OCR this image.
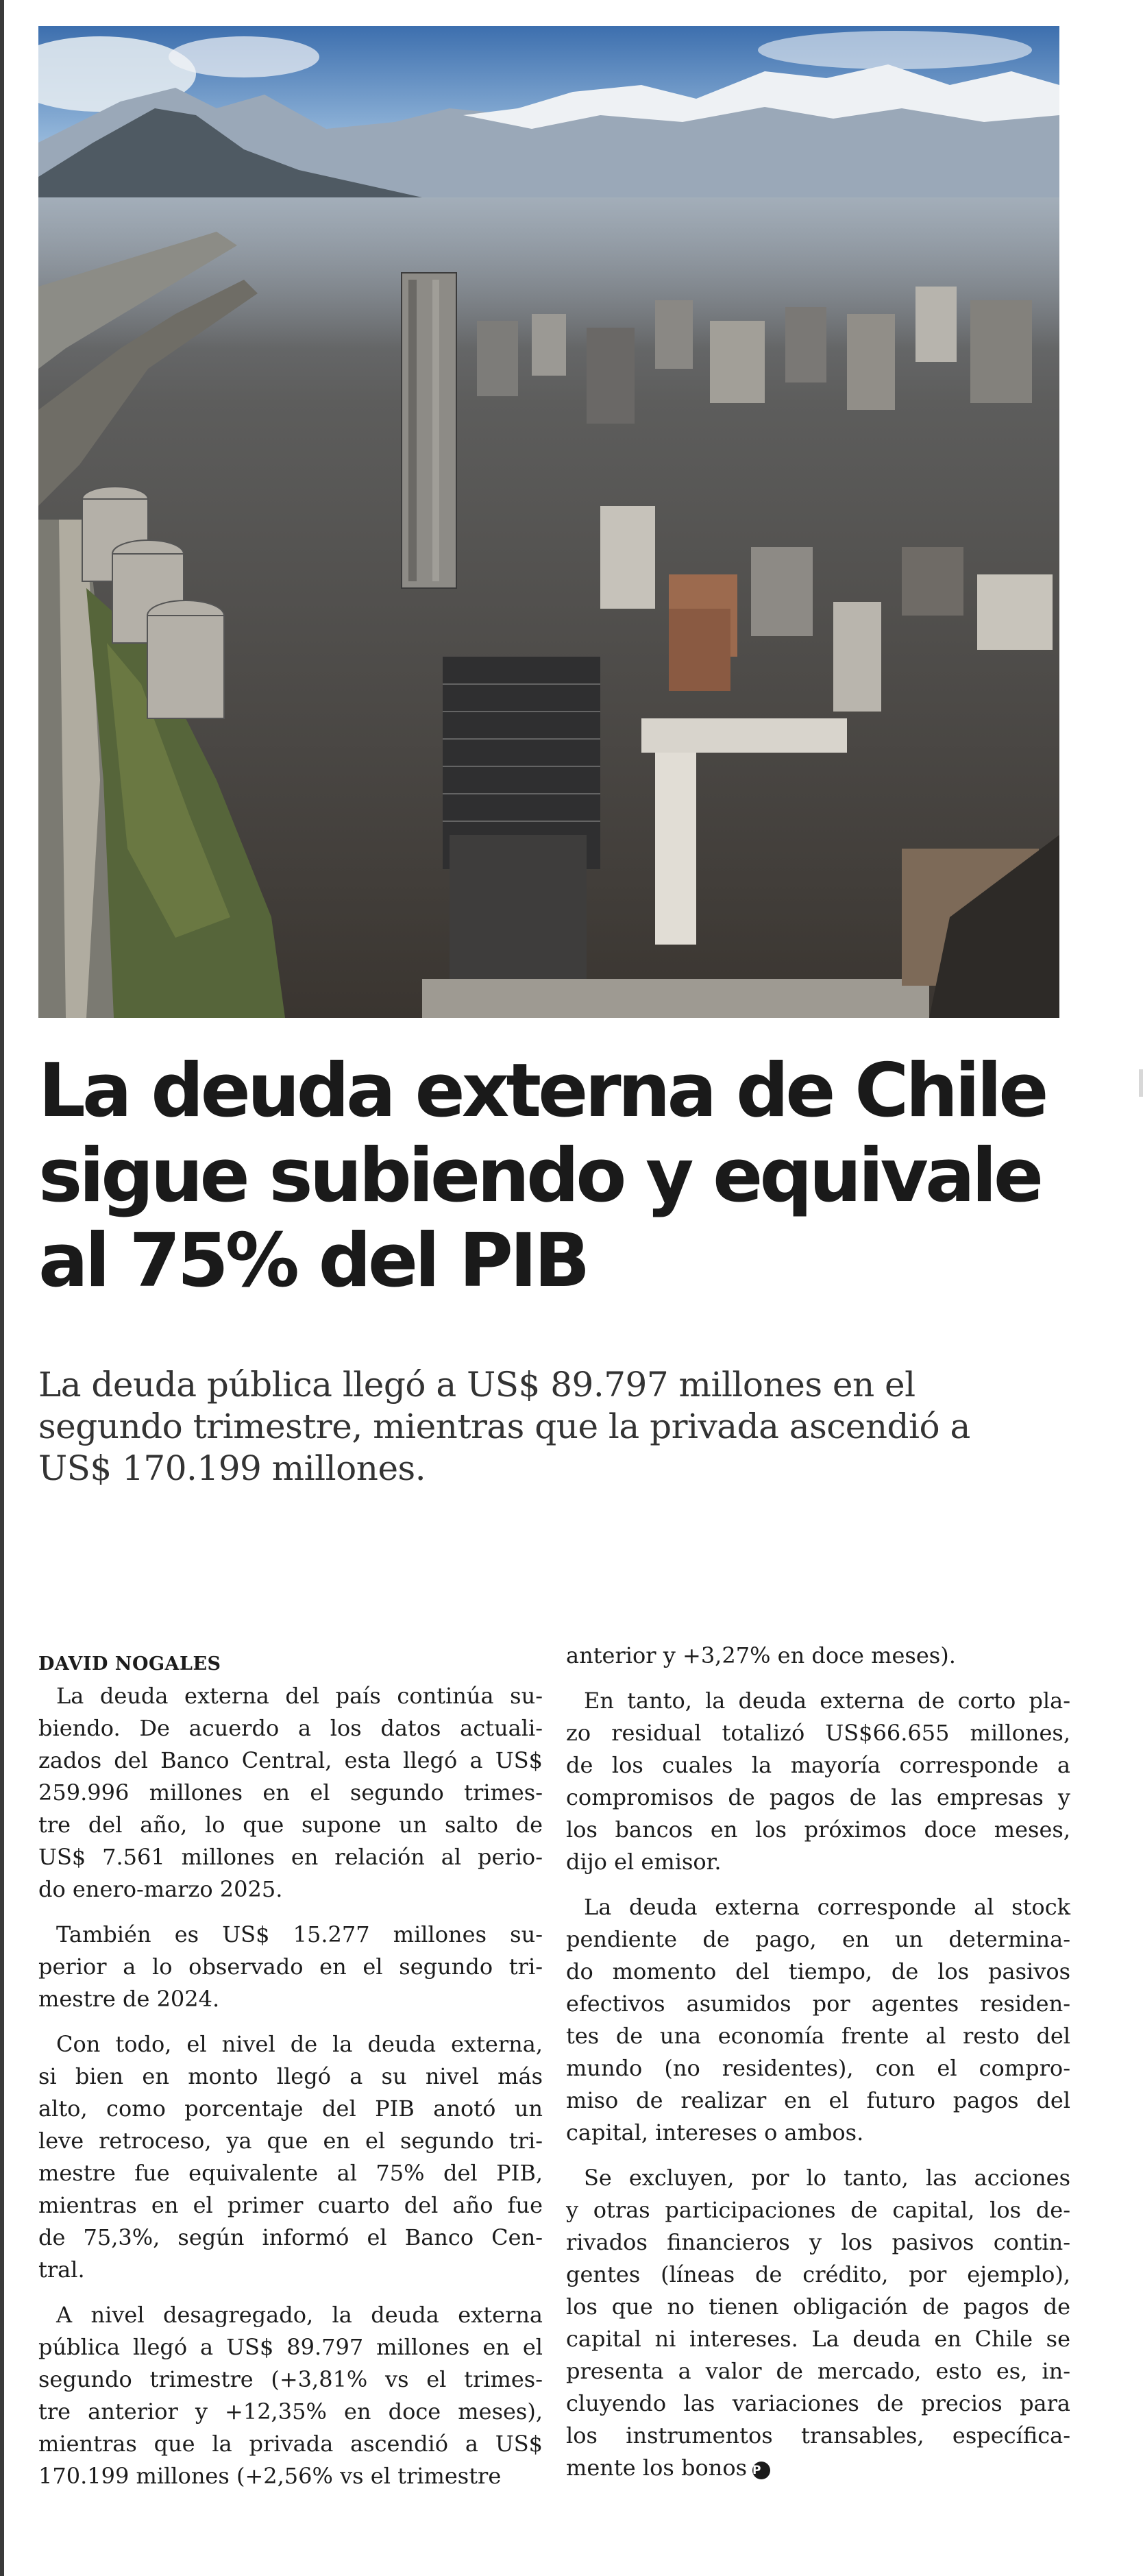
La deuda externa de Chile
sigue subiendo y equivale
al 75% del PIB

La deuda pública llegó a US$ 89.797 millones en el
segundo trimestre, mientras que la privada ascendió a
US$ 170.199 millones.

DAVID NOGALES

La deuda externa del país continúa su-
biendo. De acuerdo a los datos actuali-
zados del Banco Central, esta llegó a US$
259.996 millones en el segundo trimes-
tre del año, lo que supone un salto de
US$ 7.561 millones en relación al perio-
do enero-marzo 2025.

También es US$ 15.277 millones su-
perior a lo observado en el segundo tri-
mestre de 2024.

Con todo, el nivel de la deuda externa,
si bien en monto llegó a su nivel más
alto, como porcentaje del PIB anotó un
leve retroceso, ya que en el segundo tri-
mestre fue equivalente al 75% del PIB,
mientras en el primer cuarto del año fue
de 75,3%, según informó el Banco Cen-
tral.

A nivel desagregado, la deuda externa
pública llegó a US$ 89.797 millones en el
segundo trimestre (+3,81% vs el trimes-
tre anterior y +12,35% en doce meses),
mientras que la privada ascendió a US$
170.199 millones (+2,56% vs el trimestre

anterior y +3,27% en doce meses).

En tanto, la deuda externa de corto pla-
zo residual totalizó US$66.655 millones,
de los cuales la mayoría corresponde a
compromisos de pagos de las empresas y
los bancos en los próximos doce meses,
dijo el emisor.

La deuda externa corresponde al stock
pendiente de pago, en un determina-
do momento del tiempo, de los pasivos
efectivos asumidos por agentes residen-
tes de una economía frente al resto del
mundo (no residentes), con el compro-
miso de realizar en el futuro pagos del
capital, intereses o ambos.

Se excluyen, por lo tanto, las acciones
y otras participaciones de capital, los de-
rivados financieros y los pasivos contin-
gentes (líneas de crédito, por ejemplo),
los que no tienen obligación de pagos de
capital ni intereses. La deuda en Chile se
presenta a valor de mercado, esto es, in-
cluyendo las variaciones de precios para
los instrumentos transables, específica-
mente los bonos P
